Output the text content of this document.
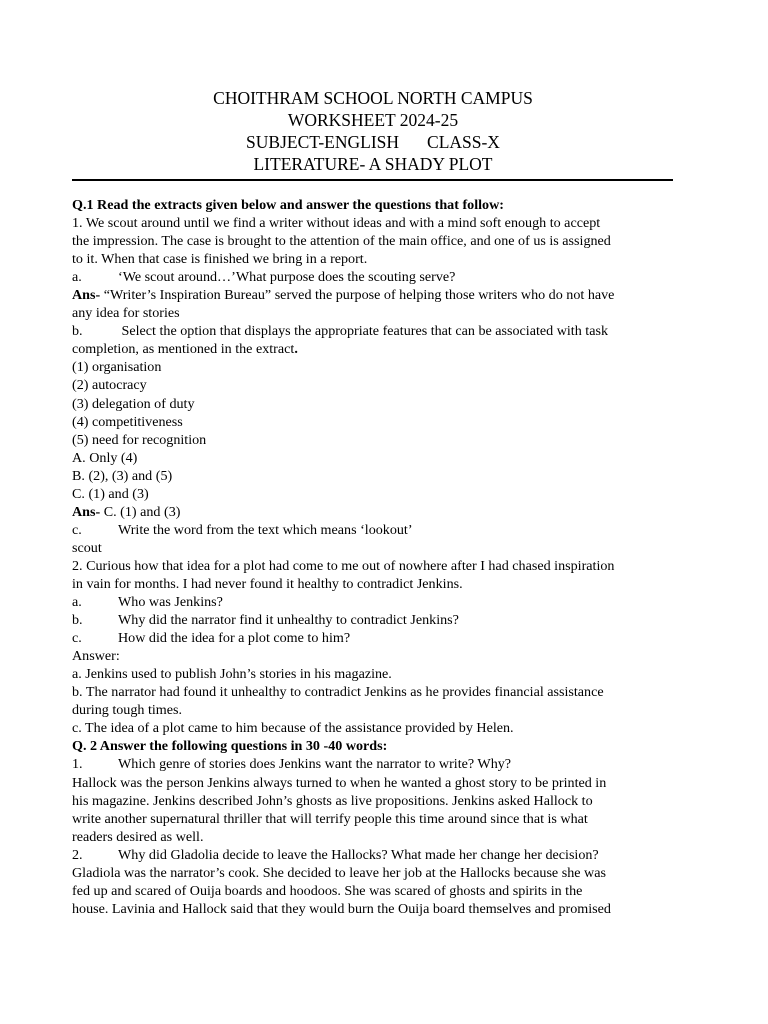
CHOITHRAM SCHOOL NORTH CAMPUS
WORKSHEET 2024-25
SUBJECT-ENGLISH CLASS-X
LITERATURE- A SHADY PLOT
Q.1 Read the extracts given below and answer the questions that follow:
1. We scout around until we find a writer without ideas and with a mind soft enough to accept
the impression. The case is brought to the attention of the main office, and one of us is assigned
to it. When that case is finished we bring in a report.
a.	‘We scout around…’What purpose does the scouting serve?
Ans- “Writer’s Inspiration Bureau” served the purpose of helping those writers who do not have
any idea for stories
b.	Select the option that displays the appropriate features that can be associated with task
completion, as mentioned in the extract.
(1) organisation
(2) autocracy
(3) delegation of duty
(4) competitiveness
(5) need for recognition
A. Only (4)
B. (2), (3) and (5)
C. (1) and (3)
Ans- C. (1) and (3)
c.	Write the word from the text which means ‘lookout’
scout
2. Curious how that idea for a plot had come to me out of nowhere after I had chased inspiration
in vain for months. I had never found it healthy to contradict Jenkins.
a.	Who was Jenkins?
b.	Why did the narrator find it unhealthy to contradict Jenkins?
c.	How did the idea for a plot come to him?
Answer:
a. Jenkins used to publish John’s stories in his magazine.
b. The narrator had found it unhealthy to contradict Jenkins as he provides financial assistance
during tough times.
c. The idea of a plot came to him because of the assistance provided by Helen.
Q. 2 Answer the following questions in 30 -40 words:
1.	Which genre of stories does Jenkins want the narrator to write? Why?
Hallock was the person Jenkins always turned to when he wanted a ghost story to be printed in
his magazine. Jenkins described John’s ghosts as live propositions. Jenkins asked Hallock to
write another supernatural thriller that will terrify people this time around since that is what
readers desired as well.
2.	Why did Gladolia decide to leave the Hallocks? What made her change her decision?
Gladiola was the narrator’s cook. She decided to leave her job at the Hallocks because she was
fed up and scared of Ouija boards and hoodoos. She was scared of ghosts and spirits in the
house. Lavinia and Hallock said that they would burn the Ouija board themselves and promised
